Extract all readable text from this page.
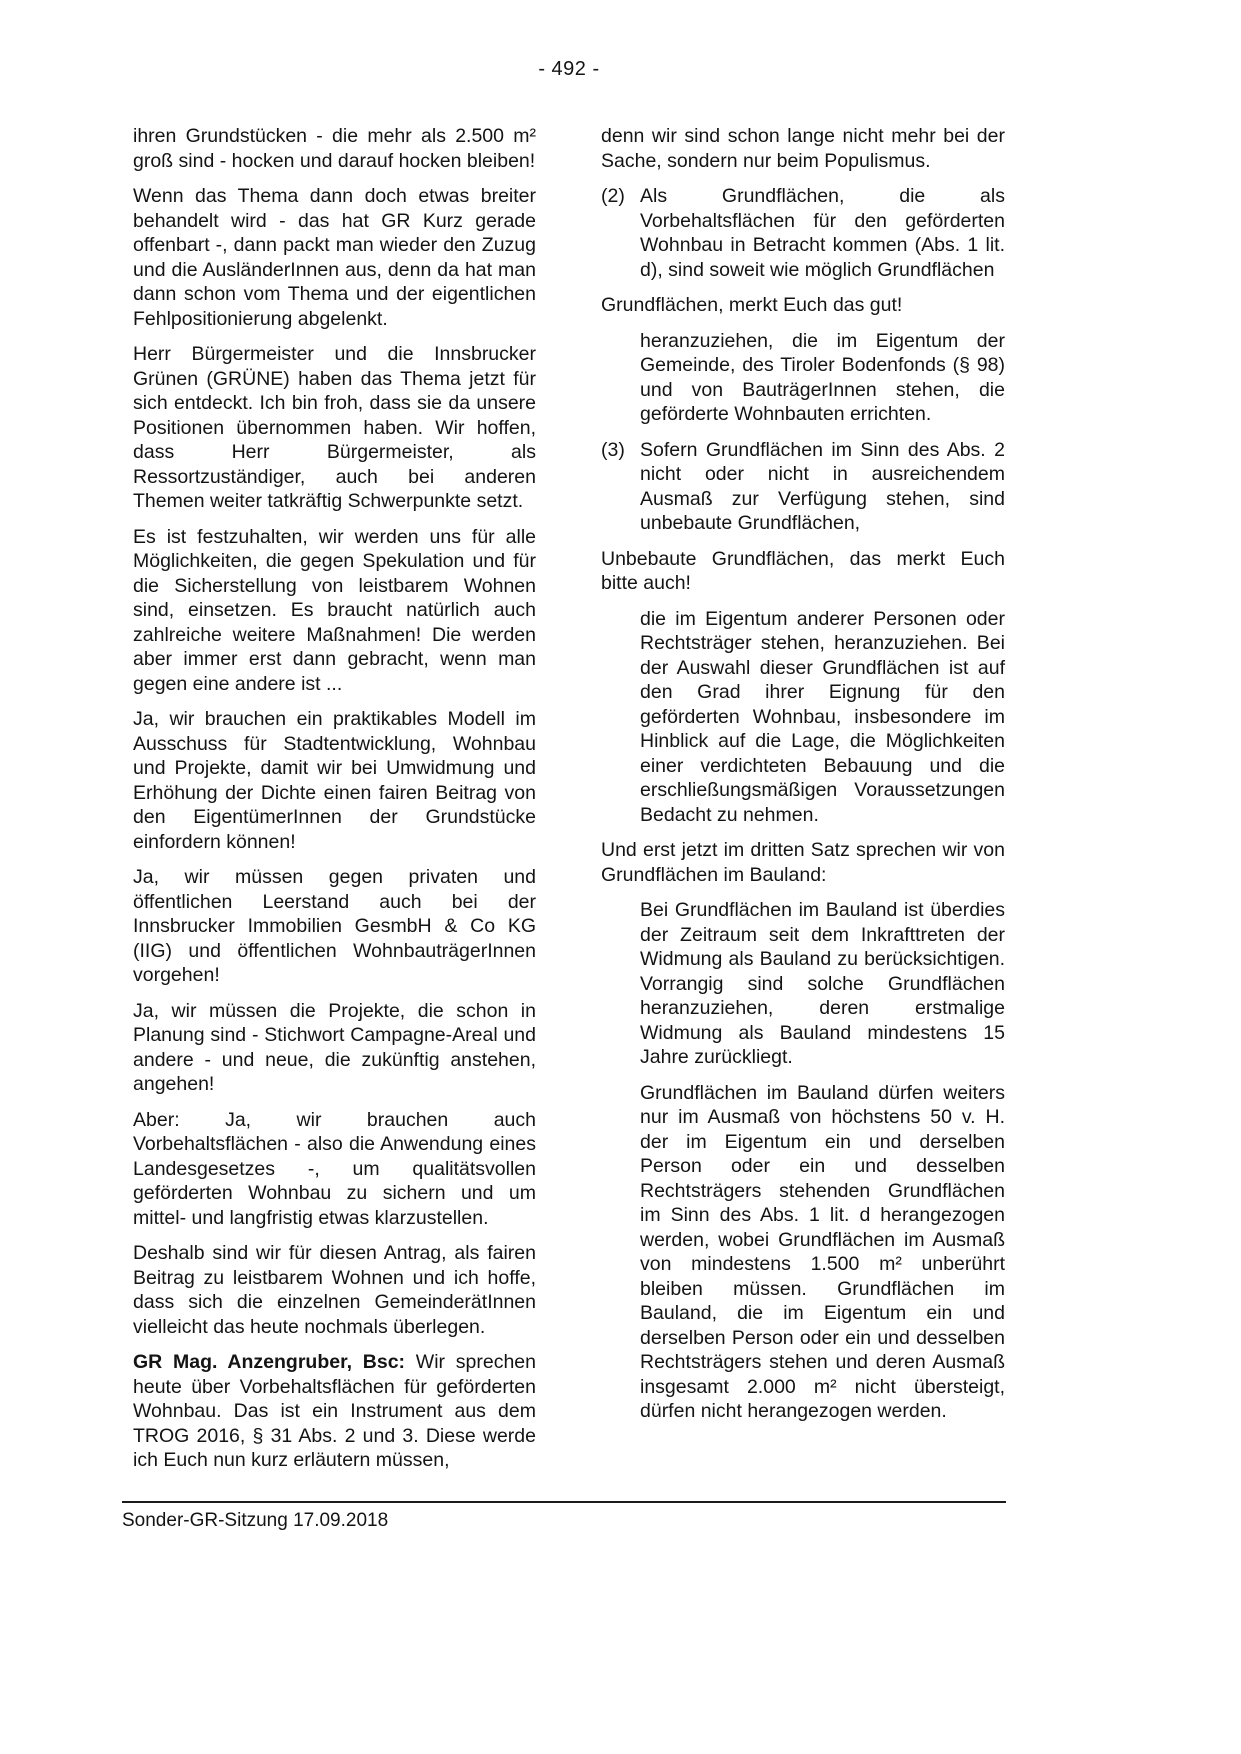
- 492 -

ihren Grundstücken - die mehr als 2.500 m² groß sind - hocken und darauf hocken bleiben!

Wenn das Thema dann doch etwas breiter behandelt wird - das hat GR Kurz gerade offenbart -, dann packt man wieder den Zuzug und die AusländerInnen aus, denn da hat man dann schon vom Thema und der eigentlichen Fehlpositionierung abgelenkt.

Herr Bürgermeister und die Innsbrucker Grünen (GRÜNE) haben das Thema jetzt für sich entdeckt. Ich bin froh, dass sie da unsere Positionen übernommen haben. Wir hoffen, dass Herr Bürgermeister, als Ressortzuständiger, auch bei anderen Themen weiter tatkräftig Schwerpunkte setzt.

Es ist festzuhalten, wir werden uns für alle Möglichkeiten, die gegen Spekulation und für die Sicherstellung von leistbarem Wohnen sind, einsetzen. Es braucht natürlich auch zahlreiche weitere Maßnahmen! Die werden aber immer erst dann gebracht, wenn man gegen eine andere ist ...

Ja, wir brauchen ein praktikables Modell im Ausschuss für Stadtentwicklung, Wohnbau und Projekte, damit wir bei Umwidmung und Erhöhung der Dichte einen fairen Beitrag von den EigentümerInnen der Grundstücke einfordern können!

Ja, wir müssen gegen privaten und öffentlichen Leerstand auch bei der Innsbrucker Immobilien GesmbH & Co KG (IIG) und öffentlichen WohnbauträgerInnen vorgehen!

Ja, wir müssen die Projekte, die schon in Planung sind - Stichwort Campagne-Areal und andere - und neue, die zukünftig anstehen, angehen!

Aber: Ja, wir brauchen auch Vorbehaltsflächen - also die Anwendung eines Landesgesetzes -, um qualitätsvollen geförderten Wohnbau zu sichern und um mittel- und langfristig etwas klarzustellen.

Deshalb sind wir für diesen Antrag, als fairen Beitrag zu leistbarem Wohnen und ich hoffe, dass sich die einzelnen GemeinderätInnen vielleicht das heute nochmals überlegen.

GR Mag. Anzengruber, Bsc: Wir sprechen heute über Vorbehaltsflächen für geförderten Wohnbau. Das ist ein Instrument aus dem TROG 2016, § 31 Abs. 2 und 3. Diese werde ich Euch nun kurz erläutern müssen,

denn wir sind schon lange nicht mehr bei der Sache, sondern nur beim Populismus.

(2) Als Grundflächen, die als Vorbehaltsflächen für den geförderten Wohnbau in Betracht kommen (Abs. 1 lit. d), sind soweit wie möglich Grundflächen

Grundflächen, merkt Euch das gut!

heranzuziehen, die im Eigentum der Gemeinde, des Tiroler Bodenfonds (§ 98) und von BauträgerInnen stehen, die geförderte Wohnbauten errichten.

(3) Sofern Grundflächen im Sinn des Abs. 2 nicht oder nicht in ausreichendem Ausmaß zur Verfügung stehen, sind unbebaute Grundflächen,

Unbebaute Grundflächen, das merkt Euch bitte auch!

die im Eigentum anderer Personen oder Rechtsträger stehen, heranzuziehen. Bei der Auswahl dieser Grundflächen ist auf den Grad ihrer Eignung für den geförderten Wohnbau, insbesondere im Hinblick auf die Lage, die Möglichkeiten einer verdichteten Bebauung und die erschließungsmäßigen Voraussetzungen Bedacht zu nehmen.

Und erst jetzt im dritten Satz sprechen wir von Grundflächen im Bauland:

Bei Grundflächen im Bauland ist überdies der Zeitraum seit dem Inkrafttreten der Widmung als Bauland zu berücksichtigen. Vorrangig sind solche Grundflächen heranzuziehen, deren erstmalige Widmung als Bauland mindestens 15 Jahre zurückliegt.

Grundflächen im Bauland dürfen weiters nur im Ausmaß von höchstens 50 v. H. der im Eigentum ein und derselben Person oder ein und desselben Rechtsträgers stehenden Grundflächen im Sinn des Abs. 1 lit. d herangezogen werden, wobei Grundflächen im Ausmaß von mindestens 1.500 m² unberührt bleiben müssen. Grundflächen im Bauland, die im Eigentum ein und derselben Person oder ein und desselben Rechtsträgers stehen und deren Ausmaß insgesamt 2.000 m² nicht übersteigt, dürfen nicht herangezogen werden.

Sonder-GR-Sitzung 17.09.2018
